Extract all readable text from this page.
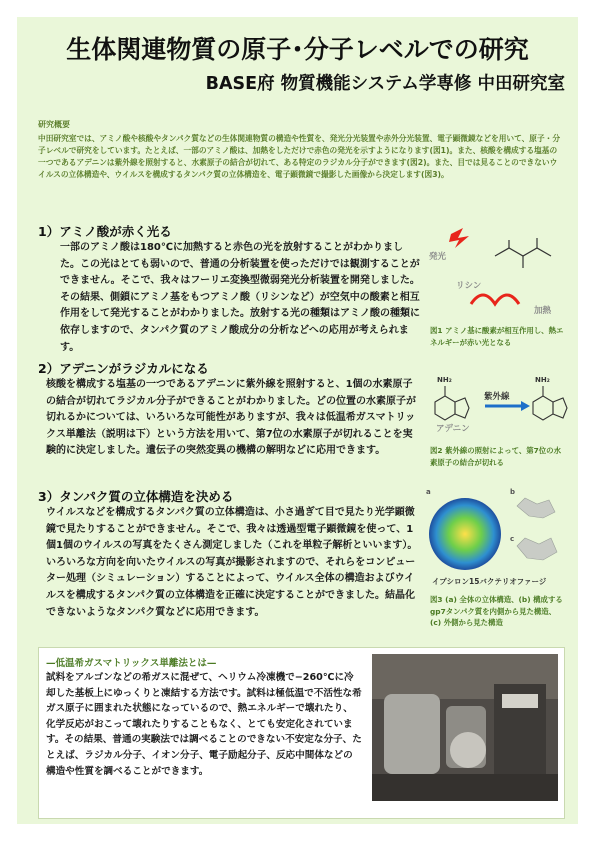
生体関連物質の原子･分子レベルでの研究
BASE府 物質機能システム学専修 中田研究室
研究概要
中田研究室では、アミノ酸や核酸やタンパク質などの生体関連物質の構造や性質を、発光分光装置や赤外分光装置、電子顕微鏡などを用いて、原子・分子レベルで研究をしています。たとえば、一部のアミノ酸は、加熱をしただけで赤色の発光を示すようになります(図1)。また、核酸を構成する塩基の一つであるアデニンは紫外線を照射すると、水素原子の結合が切れて、ある特定のラジカル分子ができます(図2)。また、目では見ることのできないウイルスの立体構造や、ウイルスを構成するタンパク質の立体構造を、電子顕微鏡で撮影した画像から決定します(図3)。
1）アミノ酸が赤く光る
一部のアミノ酸は180℃に加熱すると赤色の光を放射することがわかりました。この光はとても弱いので、普通の分析装置を使っただけでは観測することができません。そこで、我々はフーリエ変換型微弱発光分析装置を開発しました。その結果、側鎖にアミノ基をもつアミノ酸（リシンなど）が空気中の酸素と相互作用をして発光することがわかりました。放射する光の種類はアミノ酸の種類に依存しますので、タンパク質のアミノ酸成分の分析などへの応用が考えられます。
発光
リシン
加熱
図1 アミノ基に酸素が相互作用し、熱エネルギーが赤い光となる
2）アデニンがラジカルになる
核酸を構成する塩基の一つであるアデニンに紫外線を照射すると、1個の水素原子の結合が切れてラジカル分子ができることがわかりました。どの位置の水素原子が切れるかについては、いろいろな可能性がありますが、我々は低温希ガスマトリックス単離法（説明は下）という方法を用いて、第7位の水素原子が切れることを実験的に決定しました。遺伝子の突然変異の機構の解明などに応用できます。
NH₂	NH₂
紫外線
アデニン
図2 紫外線の照射によって、第7位の水素原子の結合が切れる
3）タンパク質の立体構造を決める
ウイルスなどを構成するタンパク質の立体構造は、小さ過ぎて目で見たり光学顕微鏡で見たりすることができません。そこで、我々は透過型電子顕微鏡を使って、1個1個のウイルスの写真をたくさん測定しました（これを単粒子解析といいます）。いろいろな方向を向いたウイルスの写真が撮影されますので、それらをコンピューター処理（シミュレーション）することによって、ウイルス全体の構造およびウイルスを構成するタンパク質の立体構造を正確に決定することができました。結晶化できないようなタンパク質などに応用できます。
a	b
c
イプシロン15バクテリオファージ
図3 (a) 全体の立体構造、(b) 構成するgp7タンパク質を内側から見た構造、(c) 外側から見た構造
—低温希ガスマトリックス単離法とは—
試料をアルゴンなどの希ガスに混ぜて、ヘリウム冷凍機で−260℃に冷却した基板上にゆっくりと凍結する方法です。試料は極低温で不活性な希ガス原子に囲まれた状態になっているので、熱エネルギーで壊れたり、化学反応がおこって壊れたりすることもなく、とても安定化されています。その結果、普通の実験法では調べることのできない不安定な分子、たとえば、ラジカル分子、イオン分子、電子励起分子、反応中間体などの構造や性質を調べることができます。
